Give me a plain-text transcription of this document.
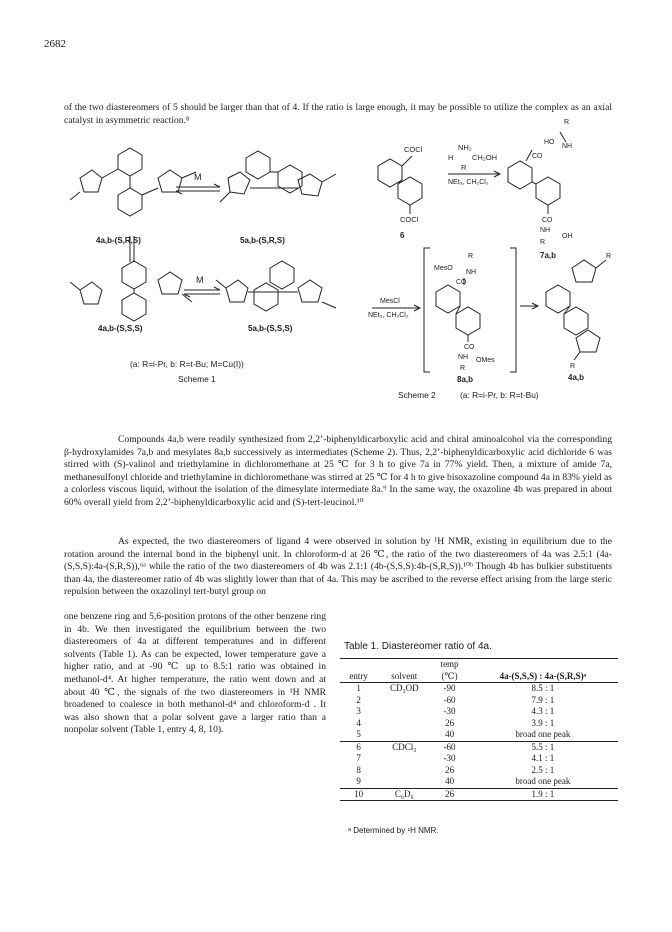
2682
of the two diastereomers of 5 should be larger than that of 4. If the ratio is large enough, it may be possible to utilize the complex as an axial catalyst in asymmetric reaction.⁸
M
M
4a,b-(S,R,S)	5a,b-(S,R,S)
4a,b-(S,S,S)	5a,b-(S,S,S)
(a: R=i-Pr, b: R=t-Bu; M=Cu(I))
Scheme 1
COCl
COCl
NH₂
H CH₂OH
R
NEt₃, CH₂Cl₂
HO
R
NH
CO
CO
NH
OH
R
R
MesO
NH
CO
CO
NH OMes
R
MesCl
NEt₃, CH₂Cl₂
R
R
6
7a,b
4a,b
8a,b
Scheme 2	(a: R=i-Pr, b: R=t-Bu)
Compounds 4a,b were readily synthesized from 2,2’-biphenyldicarboxylic acid and chiral aminoalcohol via the corresponding β-hydroxylamides 7a,b and mesylates 8a,b successively as intermediates (Scheme 2). Thus, 2,2’-biphenyldicarboxylic acid dichloride 6 was stirred with (S)-valinol and triethylamine in dichloromethane at 25 ℃ for 3 h to give 7a in 77% yield. Then, a mixture of amide 7a, methanesulfonyl chloride and triethylamine in dichloromethane was stirred at 25 ℃ for 4 h to give bisoxazoline compound 4a in 83% yield as a colorless viscous liquid, without the isolation of the dimesylate intermediate 8a.⁹ In the same way, the oxazoline 4b was prepared in about 60% overall yield from 2,2’-biphenyldicarboxylic acid and (S)-tert-leucinol.¹⁰
As expected, the two diastereomers of ligand 4 were observed in solution by ¹H NMR, existing in equilibrium due to the rotation around the internal bond in the biphenyl unit. In chloroform-d at 26 ℃, the ratio of the two diastereomers of 4a was 2.5:1 (4a-(S,S,S):4a-(S,R,S)),⁶ᵃ while the ratio of the two diastereomers of 4b was 2.1:1 (4b-(S,S,S):4b-(S,R,S)).¹⁰ᵇ Though 4b has bulkier substituents than 4a, the diastereomer ratio of 4b was slightly lower than that of 4a. This may be ascribed to the reverse effect arising from the large steric repulsion between the oxazolinyl tert-butyl group on
one benzene ring and 5,6-position protons of the other benzene ring in 4b. We then investigated the equilibrium between the two diastereomers of 4a at different temperatures and in different solvents (Table 1). As can be expected, lower temperature gave a higher ratio, and at -90 ℃ up to 8.5:1 ratio was obtained in methanol-d⁴. At higher temperature, the ratio went down and at about 40 ℃, the signals of the two diastereomers in ¹H NMR broadened to coalesce in both methanol-d⁴ and chloroform-d . It was also shown that a polar solvent gave a larger ratio than a nonpolar solvent (Table 1, entry 4, 8, 10).
Table 1. Diastereomer ratio of 4a.
		temp	
entry	solvent	(℃)	4a-(S,S,S) : 4a-(S,R,S)ᵃ
1	CD₃OD	-90	8.5 : 1
2		-60	7.9 : 1
3		-30	4.3 : 1
4		26	3.9 : 1
5		40	broad one peak
6	CDCl₃	-60	5.5 : 1
7		-30	4.1 : 1
8		26	2.5 : 1
9		40	broad one peak
10	C₆D₆	26	1.9 : 1
ᵃ Determined by ¹H NMR.
